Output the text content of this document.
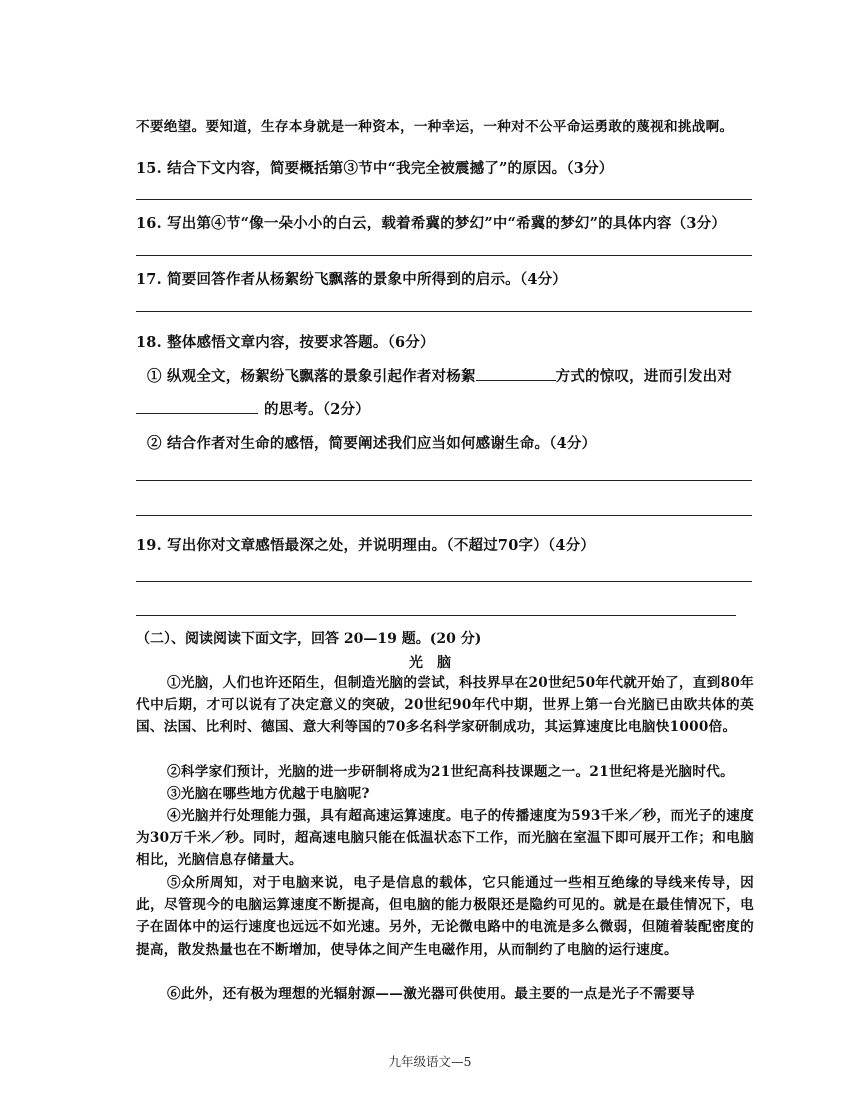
不要绝望。要知道，生存本身就是一种资本，一种幸运，一种对不公平命运勇敢的蔑视和挑战啊。
15. 结合下文内容，简要概括第③节中“我完全被震撼了”的原因。（3分）
16. 写出第④节“像一朵小小的白云，载着希冀的梦幻”中“希冀的梦幻”的具体内容（3分）
17. 简要回答作者从杨絮纷飞飘落的景象中所得到的启示。（4分）
18. 整体感悟文章内容，按要求答题。（6分）
① 纵观全文，杨絮纷飞飘落的景象引起作者对杨絮	方式的惊叹，进而引发出对
的思考。（2分）
② 结合作者对生命的感悟，简要阐述我们应当如何感谢生命。（4分）
19. 写出你对文章感悟最深之处，并说明理由。（不超过70字）（4分）
（二）、阅读阅读下面文字，回答 20—19 题。(20 分)
光　脑
①光脑，人们也许还陌生，但制造光脑的尝试，科技界早在20世纪50年代就开始了，直到80年代中后期，才可以说有了决定意义的突破，20世纪90年代中期，世界上第一台光脑已由欧共体的英国、法国、比利时、德国、意大利等国的70多名科学家研制成功，其运算速度比电脑快1000倍。
②科学家们预计，光脑的进一步研制将成为21世纪高科技课题之一。21世纪将是光脑时代。
③光脑在哪些地方优越于电脑呢?
④光脑并行处理能力强，具有超高速运算速度。电子的传播速度为593千米／秒，而光子的速度为30万千米／秒。同时，超高速电脑只能在低温状态下工作，而光脑在室温下即可展开工作；和电脑相比，光脑信息存储量大。
⑤众所周知，对于电脑来说，电子是信息的载体，它只能通过一些相互绝缘的导线来传导，因此，尽管现今的电脑运算速度不断提高，但电脑的能力极限还是隐约可见的。就是在最佳情况下，电子在固体中的运行速度也远远不如光速。另外，无论微电路中的电流是多么微弱，但随着装配密度的提高，散发热量也在不断增加，使导体之间产生电磁作用，从而制约了电脑的运行速度。
⑥此外，还有极为理想的光辐射源——激光器可供使用。最主要的一点是光子不需要导
九年级语文—5
